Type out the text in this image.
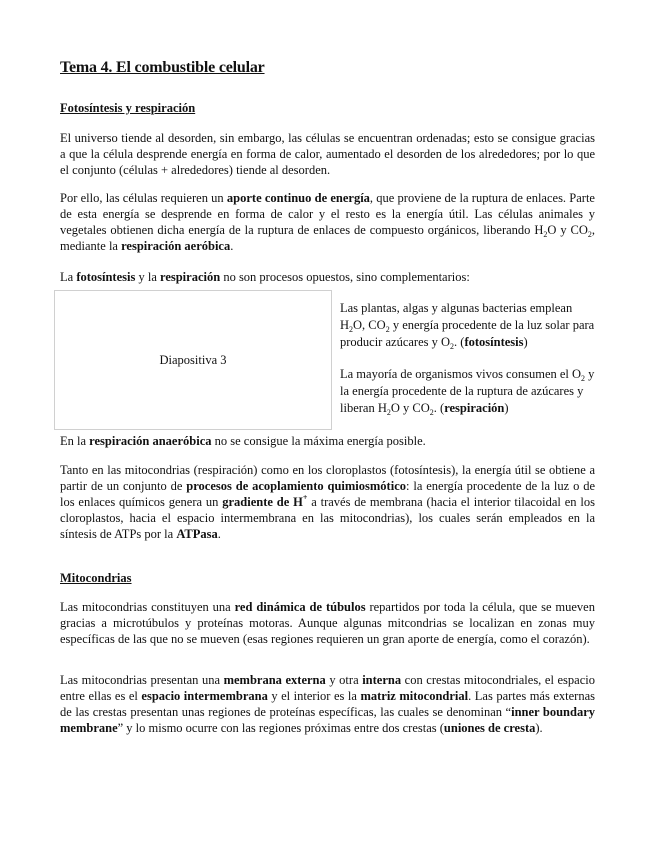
Tema 4. El combustible celular
Fotosíntesis y respiración

El universo tiende al desorden, sin embargo, las células se encuentran ordenadas; esto se consigue gracias a que la célula desprende energía en forma de calor, aumentado el desorden de los alrededores; por lo que el conjunto (células + alrededores) tiende al desorden.

Por ello, las células requieren un aporte continuo de energía, que proviene de la ruptura de enlaces. Parte de esta energía se desprende en forma de calor y el resto es la energía útil. Las células animales y vegetales obtienen dicha energía de la ruptura de enlaces de compuesto orgánicos, liberando $H_2O$ y $CO_2$, mediante la respiración aeróbica.

La fotosíntesis y la respiración no son procesos opuestos, sino complementarios:

Diapositiva 3

Las plantas, algas y algunas bacterias emplean $H_2O$, $CO_2$ y energía procedente de la luz solar para producir azúcares y $O_2$. (fotosíntesis)

La mayoría de organismos vivos consumen el $O_2$ y la energía procedente de la ruptura de azúcares y liberan $H_2O$ y $CO_2$. (respiración)

En la respiración anaeróbica no se consigue la máxima energía posible.

Tanto en las mitocondrias (respiración) como en los cloroplastos (fotosíntesis), la energía útil se obtiene a partir de un conjunto de procesos de acoplamiento quimiosmótico: la energía procedente de la luz o de los enlaces químicos genera un gradiente de H+ a través de membrana (hacia el interior tilacoidal en los cloroplastos, hacia el espacio intermembrana en las mitocondrias), los cuales serán empleados en la síntesis de ATPs por la ATPasa.

Mitocondrias

Las mitocondrias constituyen una red dinámica de túbulos repartidos por toda la célula, que se mueven gracias a microtúbulos y proteínas motoras. Aunque algunas mitcondrias se localizan en zonas muy específicas de las que no se mueven (esas regiones requieren un gran aporte de energía, como el corazón).

Las mitocondrias presentan una membrana externa y otra interna con crestas mitocondriales, el espacio entre ellas es el espacio intermembrana y el interior es la matriz mitocondrial. Las partes más externas de las crestas presentan unas regiones de proteínas específicas, las cuales se denominan “inner boundary membrane” y lo mismo ocurre con las regiones próximas entre dos crestas (uniones de cresta).
